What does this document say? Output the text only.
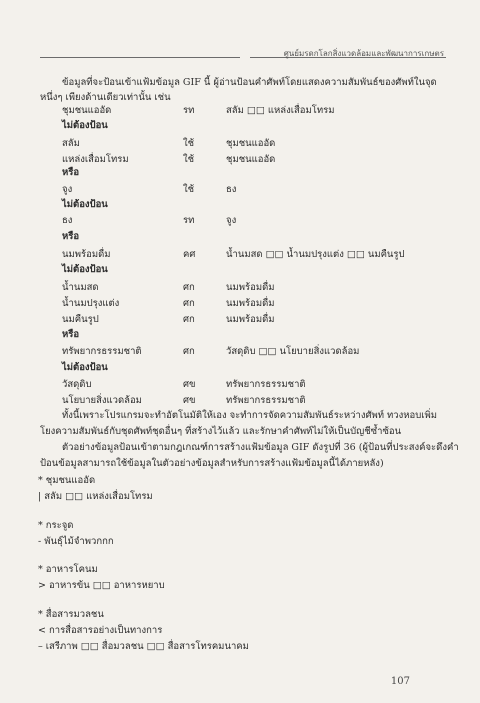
ศูนย์มรดกโลกสิ่งแวดล้อมและพัฒนาการเกษตร
ข้อมูลที่จะป้อนเข้าแฟ้มข้อมูล GIF นี้ ผู้อ่านป้อนคำศัพท์โดยแสดงความสัมพันธ์ของศัพท์ในจุด
หนึ่งๆ เพียงด้านเดียวเท่านั้น เช่น
ชุมชนแออัด	รท	สลัม □□ แหล่งเสื่อมโทรม
ไม่ต้องป้อน
สลัม	ใช้	ชุมชนแออัด
แหล่งเสื่อมโทรม	ใช้	ชุมชนแออัด
หรือ
จูง	ใช้	ธง
ไม่ต้องป้อน
ธง	รท	จูง
หรือ
นมพร้อมดื่ม	คศ	น้ำนมสด □□ น้ำนมปรุงแต่ง □□ นมคืนรูป
ไม่ต้องป้อน
น้ำนมสด	ศก	นมพร้อมดื่ม
น้ำนมปรุงแต่ง	ศก	นมพร้อมดื่ม
นมคืนรูป	ศก	นมพร้อมดื่ม
หรือ
ทรัพยากรธรรมชาติ	ศก	วัสดุดิบ □□ นโยบายสิ่งแวดล้อม
ไม่ต้องป้อน
วัสดุดิบ	ศข	ทรัพยากรธรรมชาติ
นโยบายสิ่งแวดล้อม	ศข	ทรัพยากรธรรมชาติ
ทั้งนี้เพราะโปรแกรมจะทำอัตโนมัติให้เอง จะทำการจัดความสัมพันธ์ระหว่างศัพท์ ทวงหอบเพิ่ม
โยงความสัมพันธ์กับชุดศัพท์ชุดอื่นๆ ที่สร้างไว้แล้ว และรักษาคำศัพท์ไม่ให้เป็นบัญชีซ้ำซ้อน
ตัวอย่างข้อมูลป้อนเข้าตามกฎเกณฑ์การสร้างแฟ้มข้อมูล GIF ดังรูปที่ 36 (ผู้ป้อนที่ประสงค์จะดึงคำ
ป้อนข้อมูลสามารถใช้ข้อมูลในตัวอย่างข้อมูลสำหรับการสร้างแฟ้มข้อมูลนี้ได้ภายหลัง)
* ชุมชนแออัด
| สลัม □□ แหล่งเสื่อมโทรม
* กระจูด
- พันธุ์ไม้จำพวกกก
* อาหารโคนม
> อาหารข้น □□ อาหารหยาบ
* สื่อสารมวลชน
< การสื่อสารอย่างเป็นทางการ
– เสรีภาพ □□ สื่อมวลชน □□ สื่อสารโทรคมนาคม
107
